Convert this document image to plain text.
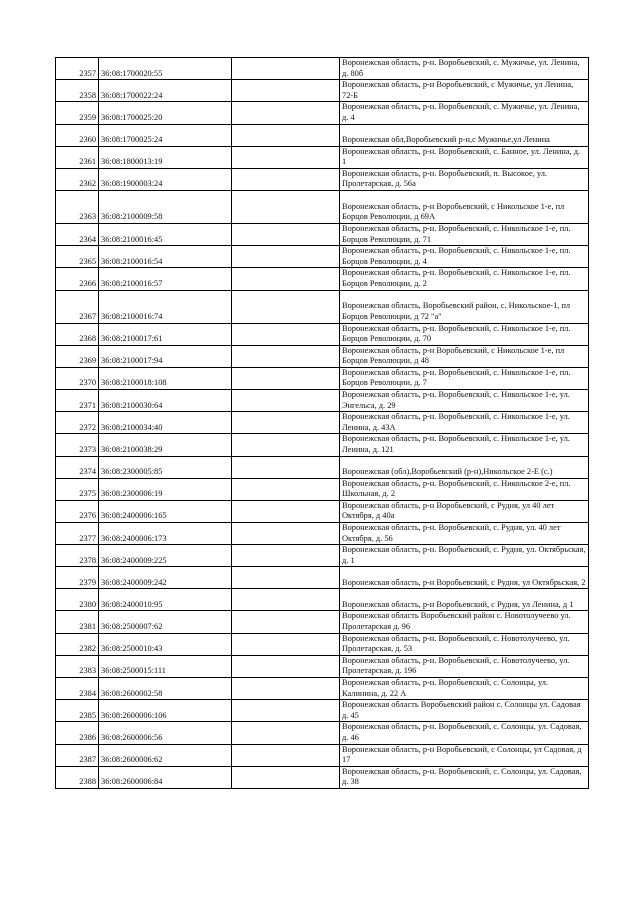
2357	36:08:1700020:55		Воронежская область, р-н. Воробьевский, с. Мужичье, ул. Ленина, д. 80б

2358	36:08:1700022:24		Воронежская область, р-н Воробьевский, с Мужичье, ул Ленина, 72-Б

2359	36:08:1700025:20		Воронежская область, р-н. Воробьевский, с. Мужичье, ул. Ленина, д. 4

2360	36:08:1700025:24		Воронежская обл,Воробьевский р-н,с Мужичье,ул Ленина

2361	36:08:1800013:19		Воронежская область, р-н. Воробьевский, с. Банное, ул. Ленина, д. 1

2362	36:08:1900003:24		Воронежская область, р-н. Воробьевский, п. Высокое, ул. Пролетарская, д. 56а

2363	36:08:2100009:58		Воронежская область, р-н Воробьевский, с Никольское 1-е, пл Борцов Революции, д 69А

2364	36:08:2100016:45		Воронежская область, р-н. Воробьевский, с. Никольское 1-е, пл. Борцов Революции, д. 71

2365	36:08:2100016:54		Воронежская область, р-н. Воробьевский, с. Никольское 1-е, пл. Борцов Революции, д. 4

2366	36:08:2100016:57		Воронежская область, р-н. Воробьевский, с. Никольское 1-е, пл. Борцов Революции, д. 2

2367	36:08:2100016:74		Воронежская область, Воробьевский район, с. Никольское-1, пл Борцов Революции, д 72 "а"

2368	36:08:2100017:61		Воронежская область, р-н. Воробьевский, с. Никольское 1-е, пл. Борцов Революции, д. 70

2369	36:08:2100017:94		Воронежская область, р-н Воробьевский, с Никольское 1-е, пл Борцов Революции, д 48

2370	36:08:2100018:108		Воронежская область, р-н. Воробьевский, с. Никольское 1-е, пл. Борцов Революции, д. 7

2371	36:08:2100030:64		Воронежская область, р-н. Воробьевский, с. Никольское 1-е, ул. Энгельса, д. 29

2372	36:08:2100034:40		Воронежская область, р-н. Воробьевский, с. Никольское 1-е, ул. Ленина, д. 43А

2373	36:08:2100038:29		Воронежская область, р-н. Воробьевский, с. Никольское 1-е, ул. Ленина, д. 121

2374	36:08:2300005:85		Воронежская (обл),Воробьевский (р-н),Никольское 2-Е (с.)

2375	36:08:2300006:19		Воронежская область, р-н. Воробьевский, с. Никольское 2-е, пл. Школьная, д. 2

2376	36:08:2400006:165		Воронежская область, р-н Воробьевский, с Рудня, ул 40 лет Октября, д 40а

2377	36:08:2400006:173		Воронежская область, р-н. Воробьевский, с. Рудня, ул. 40 лет Октября, д. 56

2378	36:08:2400009:225		Воронежская область, р-н. Воробьевский, с. Рудня, ул. Октябрьская, д. 1

2379	36:08:2400009:242		Воронежская область, р-н Воробьевский, с Рудня, ул Октябрьская, 2

2380	36:08:2400010:95		Воронежская область, р-н Воробьевский, с Рудня, ул Ленина, д 1

2381	36:08:2500007:62		Воронежская область Воробьевский район с. Новотолучеево ул. Пролетарская д. 96

2382	36:08:2500010:43		Воронежская область, р-н. Воробьевский, с. Новотолучеево, ул. Пролетарская, д. 53

2383	36:08:2500015:111		Воронежская область, р-н. Воробьевский, с. Новотолучеево, ул. Пролетарская, д. 196

2384	36:08:2600002:58		Воронежская область, р-н. Воробьевский, с. Солонцы, ул. Калинина, д. 22 А

2385	36:08:2600006:106		Воронежская область Воробьевский район с. Солонцы ул. Садовая д. 45

2386	36:08:2600006:56		Воронежская область, р-н. Воробьевский, с. Солонцы, ул. Садовая, д. 46

2387	36:08:2600006:62		Воронежская область, р-н Воробьевский, с Солонцы, ул Садовая, д 17

2388	36:08:2600006:84		Воронежская область, р-н. Воробьевский, с. Солонцы, ул. Садовая, д. 38
